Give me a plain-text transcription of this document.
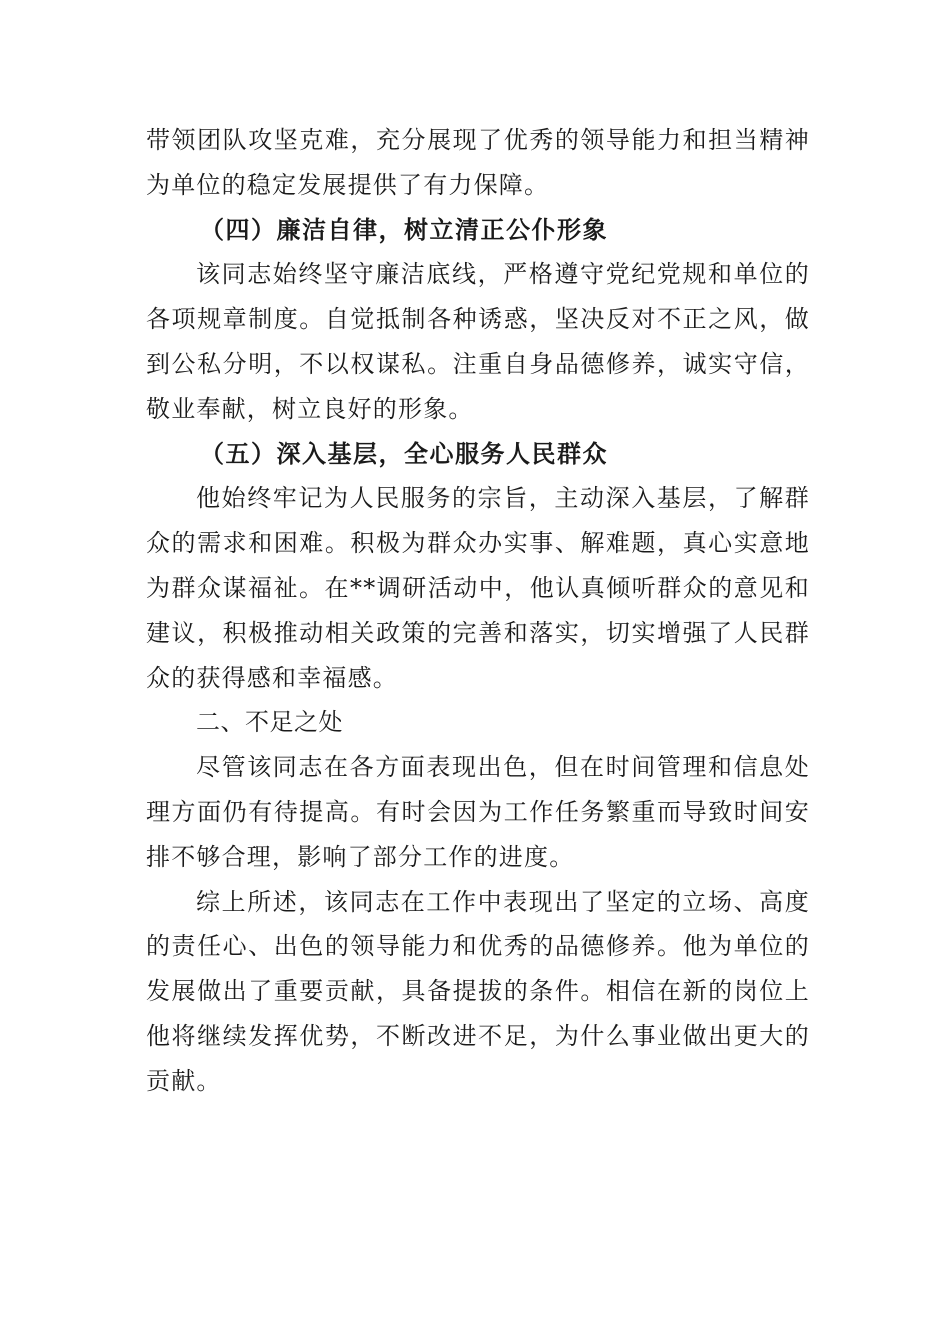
带领团队攻坚克难，充分展现了优秀的领导能力和担当精神
为单位的稳定发展提供了有力保障。
（四）廉洁自律，树立清正公仆形象
该同志始终坚守廉洁底线，严格遵守党纪党规和单位的
各项规章制度。自觉抵制各种诱惑，坚决反对不正之风，做
到公私分明，不以权谋私。注重自身品德修养，诚实守信，
敬业奉献，树立良好的形象。
（五）深入基层，全心服务人民群众
他始终牢记为人民服务的宗旨，主动深入基层，了解群
众的需求和困难。积极为群众办实事、解难题，真心实意地
为群众谋福祉。在**调研活动中，他认真倾听群众的意见和
建议，积极推动相关政策的完善和落实，切实增强了人民群
众的获得感和幸福感。
二、不足之处
尽管该同志在各方面表现出色，但在时间管理和信息处
理方面仍有待提高。有时会因为工作任务繁重而导致时间安
排不够合理，影响了部分工作的进度。
综上所述，该同志在工作中表现出了坚定的立场、高度
的责任心、出色的领导能力和优秀的品德修养。他为单位的
发展做出了重要贡献，具备提拔的条件。相信在新的岗位上
他将继续发挥优势，不断改进不足，为什么事业做出更大的
贡献。
